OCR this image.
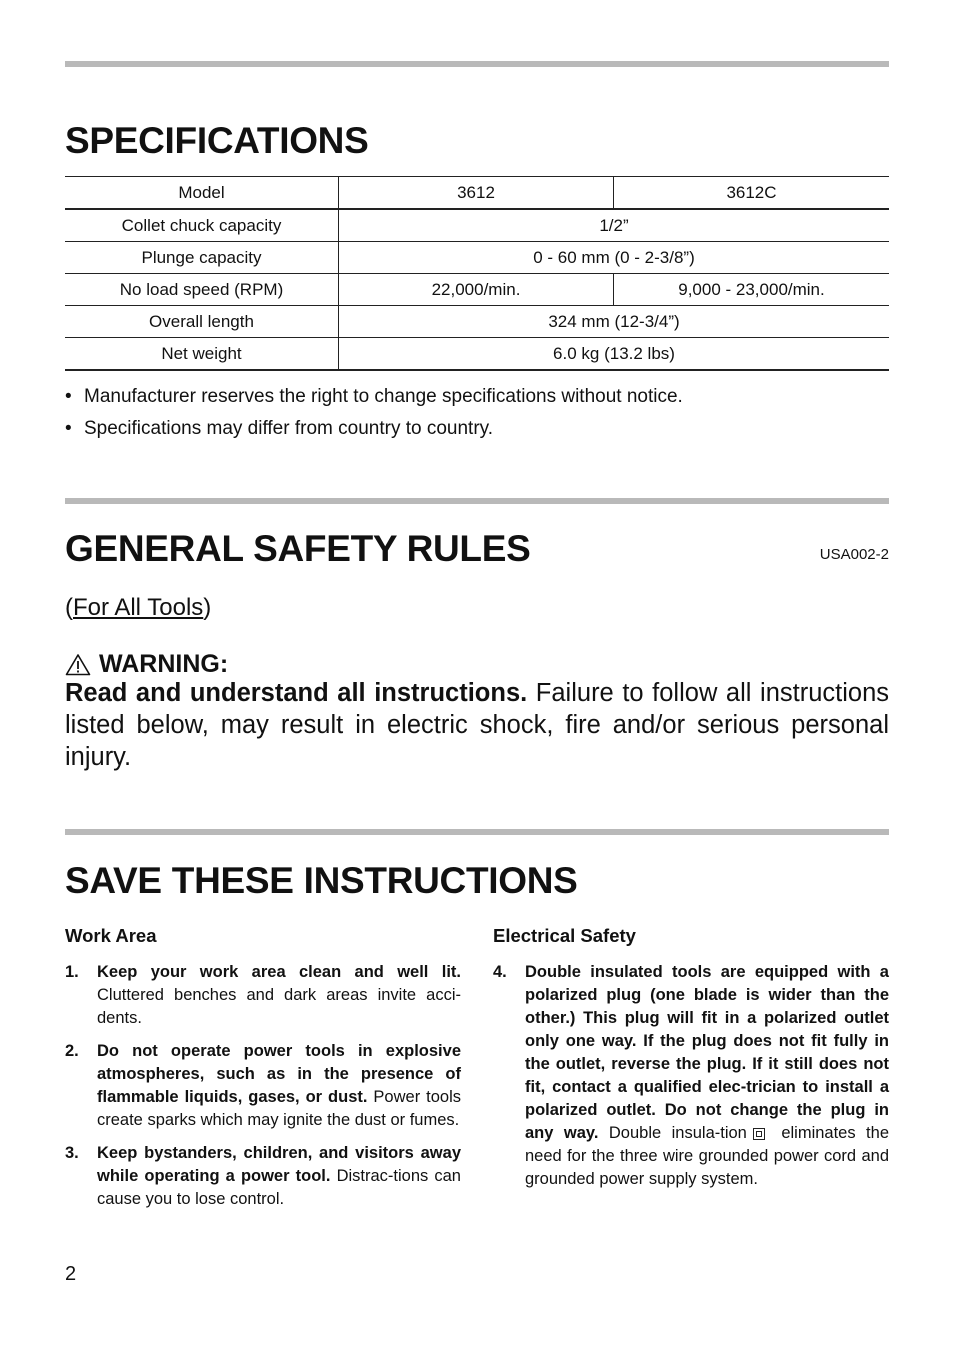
SPECIFICATIONS
Model	3612	3612C
Collet chuck capacity	1/2”	
Plunge capacity	0 - 60 mm (0 - 2-3/8”)	
No load speed (RPM)	22,000/min.	9,000 - 23,000/min.
Overall length	324 mm (12-3/4”)	
Net weight	6.0 kg (13.2 lbs)	
• Manufacturer reserves the right to change specifications without notice.
• Specifications may differ from country to country.
GENERAL SAFETY RULES	USA002-2
(For All Tools)
WARNING:
Read and understand all instructions. Failure to follow all instructions listed below, may result in electric shock, fire and/or serious personal injury.
SAVE THESE INSTRUCTIONS
Work Area
1.	Keep your work area clean and well lit. Cluttered benches and dark areas invite acci-dents.
2.	Do not operate power tools in explosive atmospheres, such as in the presence of flammable liquids, gases, or dust. Power tools create sparks which may ignite the dust or fumes.
3.	Keep bystanders, children, and visitors away while operating a power tool. Distrac-tions can cause you to lose control.
Electrical Safety
4.	Double insulated tools are equipped with a polarized plug (one blade is wider than the other.) This plug will fit in a polarized outlet only one way. If the plug does not fit fully in the outlet, reverse the plug. If it still does not fit, contact a qualified elec-trician to install a polarized outlet. Do not change the plug in any way. Double insula-tion eliminates the need for the three wire grounded power cord and grounded power supply system.
2
